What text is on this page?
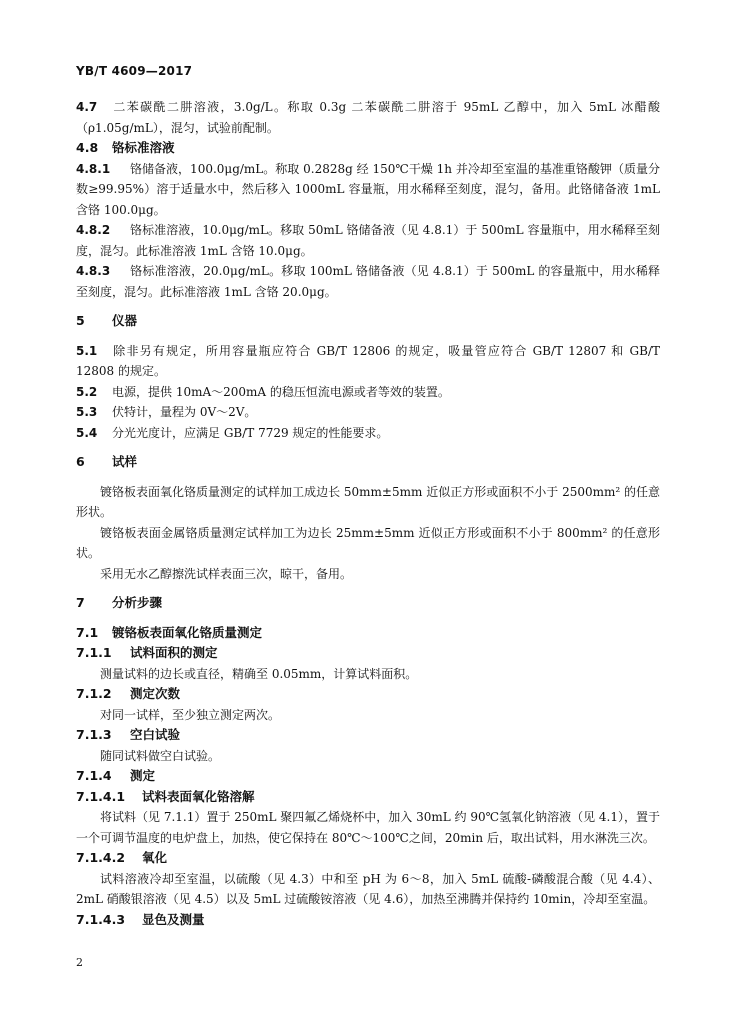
YB/T 4609—2017

4.7 二苯碳酰二肼溶液，3.0g/L。称取 0.3g 二苯碳酰二肼溶于 95mL 乙醇中，加入 5mL 冰醋酸（ρ1.05g/mL），混匀，试验前配制。

4.8 铬标准溶液

4.8.1 铬储备液，100.0μg/mL。称取 0.2828g 经 150℃干燥 1h 并冷却至室温的基准重铬酸钾（质量分数≥99.95%）溶于适量水中，然后移入 1000mL 容量瓶，用水稀释至刻度，混匀，备用。此铬储备液 1mL 含铬 100.0μg。

4.8.2 铬标准溶液，10.0μg/mL。移取 50mL 铬储备液（见 4.8.1）于 500mL 容量瓶中，用水稀释至刻度，混匀。此标准溶液 1mL 含铬 10.0μg。

4.8.3 铬标准溶液，20.0μg/mL。移取 100mL 铬储备液（见 4.8.1）于 500mL 的容量瓶中，用水稀释至刻度，混匀。此标准溶液 1mL 含铬 20.0μg。

5 仪器

5.1 除非另有规定，所用容量瓶应符合 GB/T 12806 的规定，吸量管应符合 GB/T 12807 和 GB/T 12808 的规定。

5.2 电源，提供 10mA～200mA 的稳压恒流电源或者等效的装置。

5.3 伏特计，量程为 0V～2V。

5.4 分光光度计，应满足 GB/T 7729 规定的性能要求。

6 试样

镀铬板表面氧化铬质量测定的试样加工成边长 50mm±5mm 近似正方形或面积不小于 2500mm² 的任意形状。

镀铬板表面金属铬质量测定试样加工为边长 25mm±5mm 近似正方形或面积不小于 800mm² 的任意形状。

采用无水乙醇擦洗试样表面三次，晾干，备用。

7 分析步骤

7.1 镀铬板表面氧化铬质量测定

7.1.1 试料面积的测定

测量试料的边长或直径，精确至 0.05mm，计算试料面积。

7.1.2 测定次数

对同一试样，至少独立测定两次。

7.1.3 空白试验

随同试料做空白试验。

7.1.4 测定

7.1.4.1 试料表面氧化铬溶解

将试料（见 7.1.1）置于 250mL 聚四氟乙烯烧杯中，加入 30mL 约 90℃氢氧化钠溶液（见 4.1），置于一个可调节温度的电炉盘上，加热，使它保持在 80℃～100℃之间，20min 后，取出试料，用水淋洗三次。

7.1.4.2 氧化

试料溶液冷却至室温，以硫酸（见 4.3）中和至 pH 为 6～8，加入 5mL 硫酸-磷酸混合酸（见 4.4）、2mL 硝酸银溶液（见 4.5）以及 5mL 过硫酸铵溶液（见 4.6），加热至沸腾并保持约 10min，冷却至室温。

7.1.4.3 显色及测量

2
